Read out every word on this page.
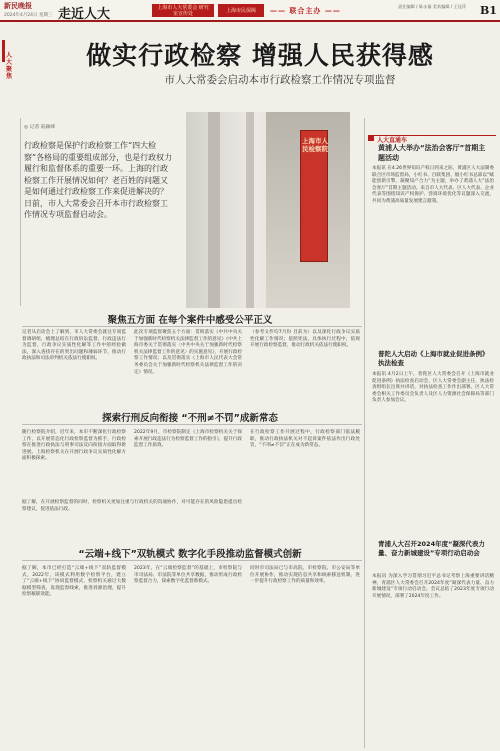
新民晚报
2024年4月24日 星期三 走近人大	上海市人大常委会 研究室宣传处	上海市民保障	—— 联合主办 ——
责任编辑 / 陈永福 美术编辑 / 王佳萍	B1
人大聚焦
做实行政检察 增强人民获得感
市人大常委会启动本市行政检察工作情况专项监督
◎ 记者 陆颖峰
行政检察是保护行政检察工作“四大检察”各格局的重要组成部分，也是行政权力履行和监督体系的重要一环。上海的行政检察工作开展情况如何？老百姓的问题又是如何通过行政检察工作来促进解决的？日前，市人大常委会召开本市行政检察工作情况专项监督启动会。
上海市人民检察院
聚焦五方面 在每个案件中感受公平正义
记者从启动会上了解到，市人大常委会就这专项监督调研组，梳理总结在行政诉讼监督、行政违法行为监督，行政争议实质性化解等工作中的经验做法，深入查找存在的突出问题和薄弱环节，推动行政执法和司法审判机关依法行使职权。
此次专项监督聚焦五个方面：贯彻落实《中共中央关于加强新时代检察机关法律监督工作的意见》《中共上海市委关于贯彻落实〈中共中央关于加强新时代检察机关法律监督工作的意见〉的实施意见》，开展行政检察工作情况；以及贯彻落实《上海市人民代表大会常务委员会关于加强新时代检察机关法律监督工作的决定》情况。
（参考文件均7月份 目前为）以及深化行政争议实质性化解工作情况；依照宪法，具体执行过程中，依规开展行政检察监督，推动行政机关依法行使职权。
探索行刑反向衔接 “不刑≠不罚”成新常态
随行检察院介绍，近年来，本市不断深化行政检察工作，以开展常态化行政检察监督为抓手，行政检察在推进行政执法与刑事司法反向衔接方面取得新进展。上海检察机关在开展行政争议实质性化解方面积极探索。
2022年9月，市检察院制定《上海市检察机关关于探索开展行政违法行为检察监督工作的指引》，提升行政监督工作质效。
在行政检察工作开展过程中，行政检察部门依法履职，推动行政执法机关对不起诉案件依法作出行政处罚，“不刑≠不罚”正在成为新常态。
据了解，在开展检察监督的同时，检察机关更加注重与行政机关的沟通协作，对可能存在的风险隐患提出检察建议，促进依法行政。
“云端+线下”双轨模式 数字化手段推动监督模式创新
据了解，本市已经打造“云端+线下”双轨监督模式，2022年，该模式利用数字检察平台，建立了“云端+线下”协同监督模式，检察机关通过大数据模型筛查，发现监督线索，推进诉源治理，提升检察履职效能。
2023年，在“云端检察监督”的基础上，市检察院与市司法局、市法院等单位共享数据，推动形成行政检察监督合力，探索数字化监督新模式。
同时市司法局已与市高院、市检察院、市公安局等单位开展协作，推动实现信息共享和线索移送机制，进一步提升行政检察工作的质量和效率。
人大直通车
黄浦人大举办“法治会客厅”首期主题活动
本报讯 在4.26世界知识产权日到来之际，黄浦区人大法制委联合区市场监督局，小红书、百联集团、烟小红书总部以“赋能创新引擎，凝聚知产合力”为主题，举办了黄浦人大“法治会客厅”首期主题活动。来自市人大代表、区人大代表、企业代表等围绕知识产权保护、营商环境优化等议题深入交流，共同为黄浦高质量发展建言献策。
普陀人大启动《上海市就业促进条例》执法检查
本报讯 4月2日上午，普陀区人大常委会召开《上海市就业促进条例》执法检查启动会，区人大常委会副主任、执法检查组组长出席并讲话，对执法检查工作作出部署。区人大常委会相关工作委员会负责人及区人力资源社会保障局等部门负责人参加会议。
青浦人大召开2024年度“凝深代表力量、奋力新城建设”专项行动启动会
本报讯 为深入学习贯彻习近平总书记考察上海重要讲话精神，青浦区人大常委会召开2024年度“凝深代表力量、奋力新城建设”专项行动启动会。会议总结了2023年度专项行动开展情况，部署了2024年度工作。
